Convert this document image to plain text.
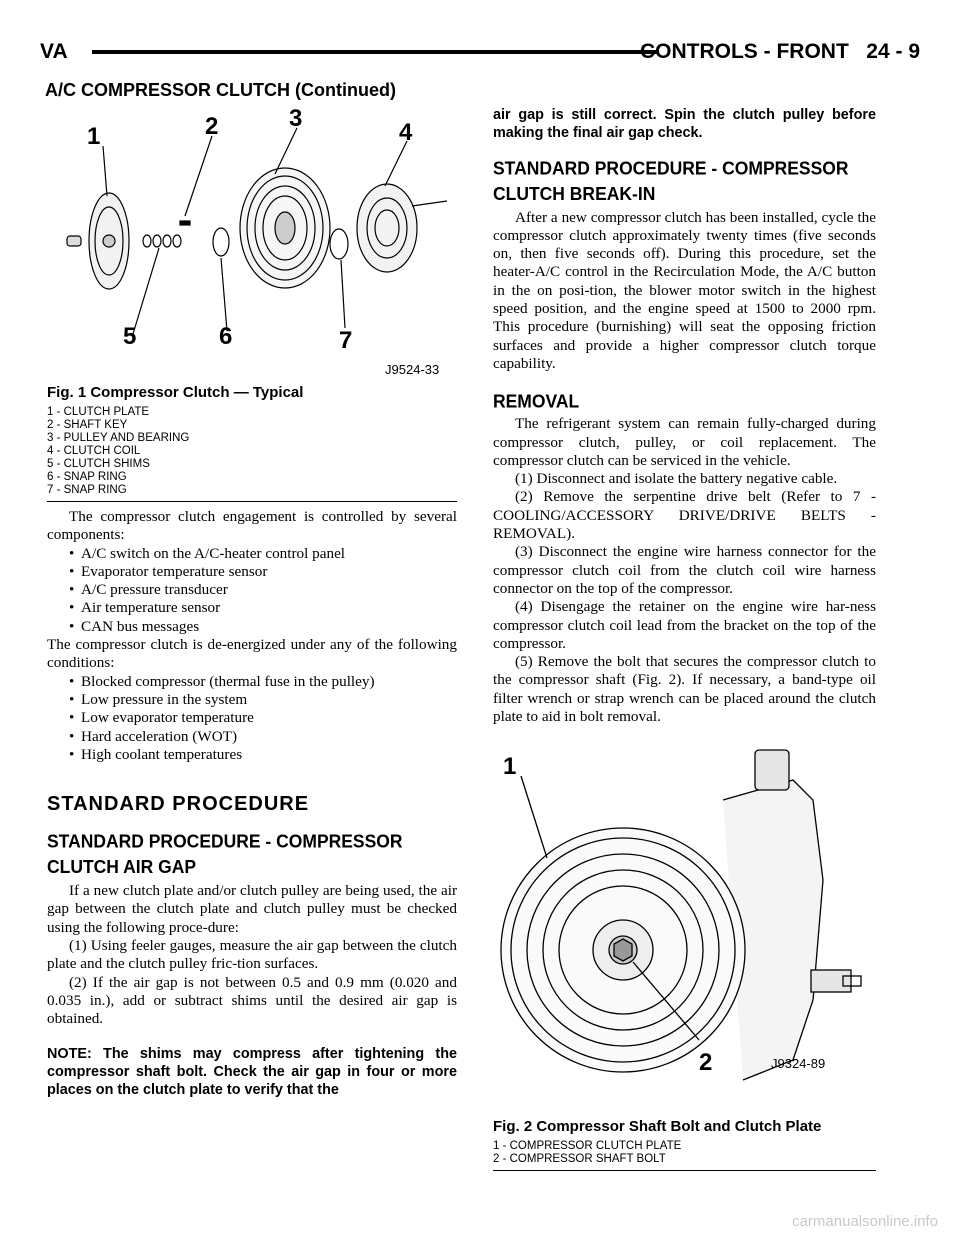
VA	CONTROLS - FRONT   24 - 9
A/C COMPRESSOR CLUTCH (Continued)
1	2	3
4
5	6	7
J9524-33
Fig. 1 Compressor Clutch — Typical
1 - CLUTCH PLATE
2 - SHAFT KEY
3 - PULLEY AND BEARING
4 - CLUTCH COIL
5 - CLUTCH SHIMS
6 - SNAP RING
7 - SNAP RING

The compressor clutch engagement is controlled by several components:

• A/C switch on the A/C-heater control panel
• Evaporator temperature sensor
• A/C pressure transducer
• Air temperature sensor
• CAN bus messages

The compressor clutch is de-energized under any of the following conditions:

• Blocked compressor (thermal fuse in the pulley)
• Low pressure in the system
• Low evaporator temperature
• Hard acceleration (WOT)
• High coolant temperatures
STANDARD PROCEDURE
STANDARD PROCEDURE - COMPRESSOR CLUTCH AIR GAP

If a new clutch plate and/or clutch pulley are being used, the air gap between the clutch plate and clutch pulley must be checked using the following proce-dure:

(1) Using feeler gauges, measure the air gap between the clutch plate and the clutch pulley fric-tion surfaces.

(2) If the air gap is not between 0.5 and 0.9 mm (0.020 and 0.035 in.), add or subtract shims until the desired air gap is obtained.

NOTE: The shims may compress after tightening the compressor shaft bolt. Check the air gap in four or more places on the clutch plate to verify that the
air gap is still correct. Spin the clutch pulley before making the final air gap check.
STANDARD PROCEDURE - COMPRESSOR CLUTCH BREAK-IN

After a new compressor clutch has been installed, cycle the compressor clutch approximately twenty times (five seconds on, then five seconds off). During this procedure, set the heater-A/C control in the Recirculation Mode, the A/C button in the on posi-tion, the blower motor switch in the highest speed position, and the engine speed at 1500 to 2000 rpm. This procedure (burnishing) will seat the opposing friction surfaces and provide a higher compressor clutch torque capability.

REMOVAL

The refrigerant system can remain fully-charged during compressor clutch, pulley, or coil replacement. The compressor clutch can be serviced in the vehicle.

(1) Disconnect and isolate the battery negative cable.

(2) Remove the serpentine drive belt (Refer to 7 - COOLING/ACCESSORY DRIVE/DRIVE BELTS - REMOVAL).

(3) Disconnect the engine wire harness connector for the compressor clutch coil from the clutch coil wire harness connector on the top of the compressor.

(4) Disengage the retainer on the engine wire har-ness compressor clutch coil lead from the bracket on the top of the compressor.

(5) Remove the bolt that secures the compressor clutch to the compressor shaft (Fig. 2). If necessary, a band-type oil filter wrench or strap wrench can be placed around the clutch plate to aid in bolt removal.

1
2	J9324-89
Fig. 2 Compressor Shaft Bolt and Clutch Plate
1 - COMPRESSOR CLUTCH PLATE
2 - COMPRESSOR SHAFT BOLT
carmanualsonline.info
